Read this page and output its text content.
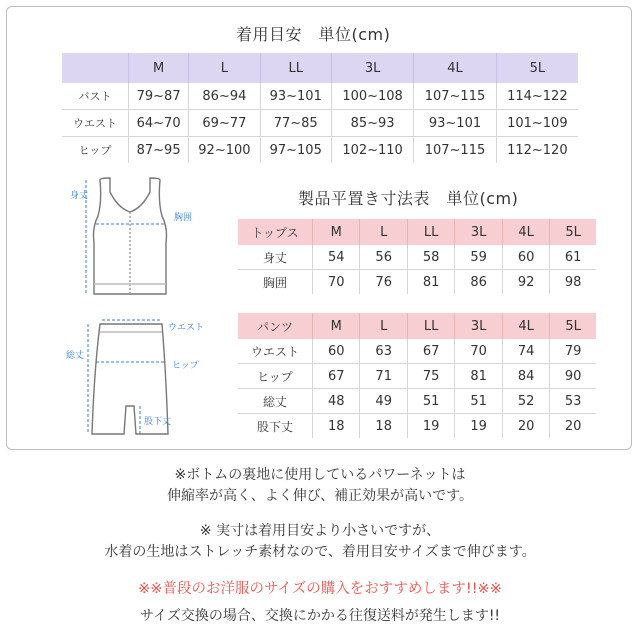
着用目安　単位(cm)
	M	L	LL	3L	4L	5L
バスト	79~87	86~94	93~101	100~108	107~115	114~122
ウエスト	64~70	69~77	77~85	85~93	93~101	101~109
ヒップ	87~95	92~100	97~105	102~110	107~115	112~120
身丈
胸囲
ウエスト
総丈
ヒップ
股下丈
製品平置き寸法表　単位(cm)
トップス	M	L	LL	3L	4L	5L
身丈	54	56	58	59	60	61
胸囲	70	76	81	86	92	98
パンツ	M	L	LL	3L	4L	5L
ウエスト	60	63	67	70	74	79
ヒップ	67	71	75	81	84	90
総丈	48	49	51	51	52	53
股下丈	18	18	19	19	20	20
※ボトムの裏地に使用しているパワーネットは
伸縮率が高く、よく伸び、補正効果が高いです。
※ 実寸は着用目安より小さいですが、
水着の生地はストレッチ素材なので、着用目安サイズまで伸びます。
※※普段のお洋服のサイズの購入をおすすめします!!※※
サイズ交換の場合、交換にかかる往復送料が発生します!!
